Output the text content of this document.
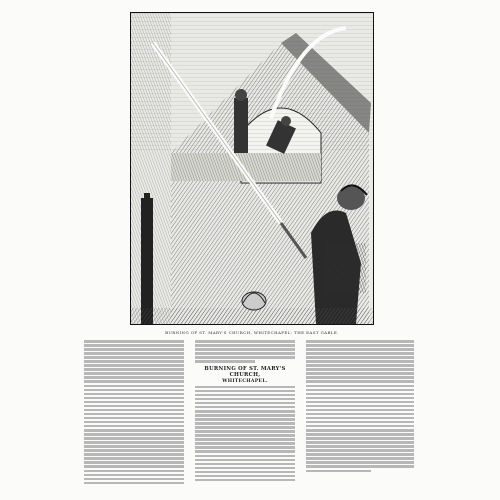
BURNING OF ST. MARY'S CHURCH, WHITECHAPEL: THE EAST GABLE.
BURNING OF ST. MARY'S CHURCH,
WHITECHAPEL.
